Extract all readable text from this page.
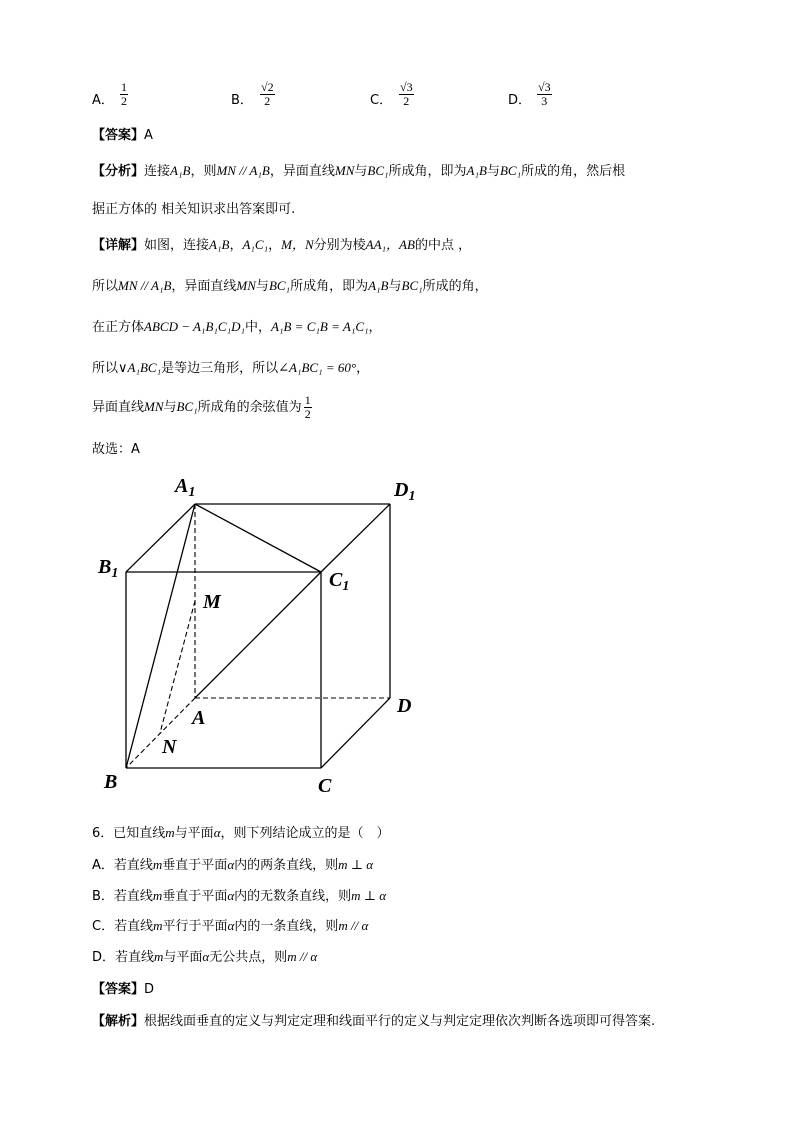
A． $\frac{1}{2}$	B． $\frac{√2}{2}$	C． $\frac{√3}{2}$	D． $\frac{√3}{3}$
【答案】A
【分析】连接A₁B，则MN // A₁B，异面直线MN与BC₁所成角，即为A₁B与BC₁所成的角，然后根
据正方体的 相关知识求出答案即可.
【详解】如图，连接A₁B，A₁C₁，M，N分别为棱AA₁，AB的中点 ，
所以MN // A₁B，异面直线MN与BC₁所成角，即为A₁B与BC₁所成的角，
在正方体ABCD − A₁B₁C₁D₁中，A₁B = C₁B = A₁C₁，
所以∨A₁BC₁是等边三角形，所以∠A₁BC₁ = 60°，
异面直线MN与BC₁所成角的余弦值为 $\frac{1}{2}$
故选：A
$A_1$	$D_1$
$B_1$	$C_1$
M
A
D
N
B	C
6．已知直线m与平面α，则下列结论成立的是（　）
A．若直线m垂直于平面α内的两条直线，则m ⊥ α
B．若直线m垂直于平面α内的无数条直线，则m ⊥ α
C．若直线m平行于平面α内的一条直线，则m // α
D．若直线m与平面α无公共点，则m // α
【答案】D
【解析】根据线面垂直的定义与判定定理和线面平行的定义与判定定理依次判断各选项即可得答案.
